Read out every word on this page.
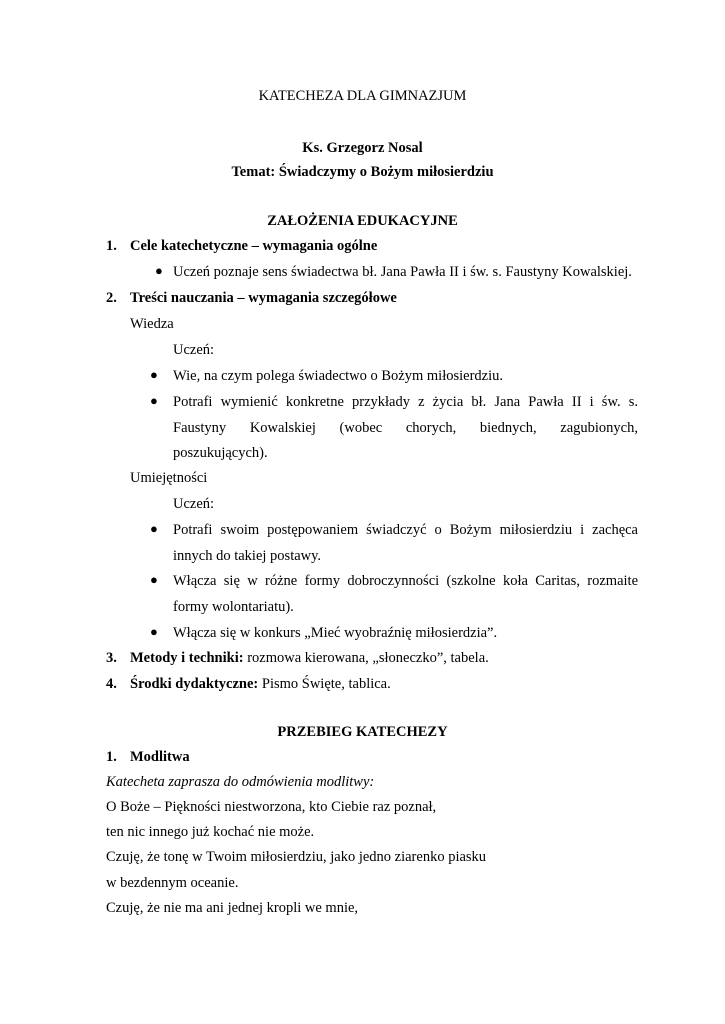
KATECHEZA DLA GIMNAZJUM
Ks. Grzegorz Nosal
Temat: Świadczymy o Bożym miłosierdziu
ZAŁOŻENIA EDUKACYJNE
1. Cele katechetyczne – wymagania ogólne
● Uczeń poznaje sens świadectwa bł. Jana Pawła II i św. s. Faustyny Kowalskiej.
2. Treści nauczania – wymagania szczegółowe
Wiedza
Uczeń:
● Wie, na czym polega świadectwo o Bożym miłosierdziu.
● Potrafi wymienić konkretne przykłady z życia bł. Jana Pawła II i św. s.
Faustyny Kowalskiej (wobec chorych, biednych, zagubionych,
poszukujących).
Umiejętności
Uczeń:
● Potrafi swoim postępowaniem świadczyć o Bożym miłosierdziu i zachęca
innych do takiej postawy.
● Włącza się w różne formy dobroczynności (szkolne koła Caritas, rozmaite
formy wolontariatu).
● Włącza się w konkurs „Mieć wyobraźnię miłosierdzia”.
3. Metody i techniki: rozmowa kierowana, „słoneczko”, tabela.
4. Środki dydaktyczne: Pismo Święte, tablica.
PRZEBIEG KATECHEZY
1. Modlitwa
Katecheta zaprasza do odmówienia modlitwy:
O Boże – Piękności niestworzona, kto Ciebie raz poznał,
ten nic innego już kochać nie może.
Czuję, że tonę w Twoim miłosierdziu, jako jedno ziarenko piasku
w bezdennym oceanie.
Czuję, że nie ma ani jednej kropli we mnie,
